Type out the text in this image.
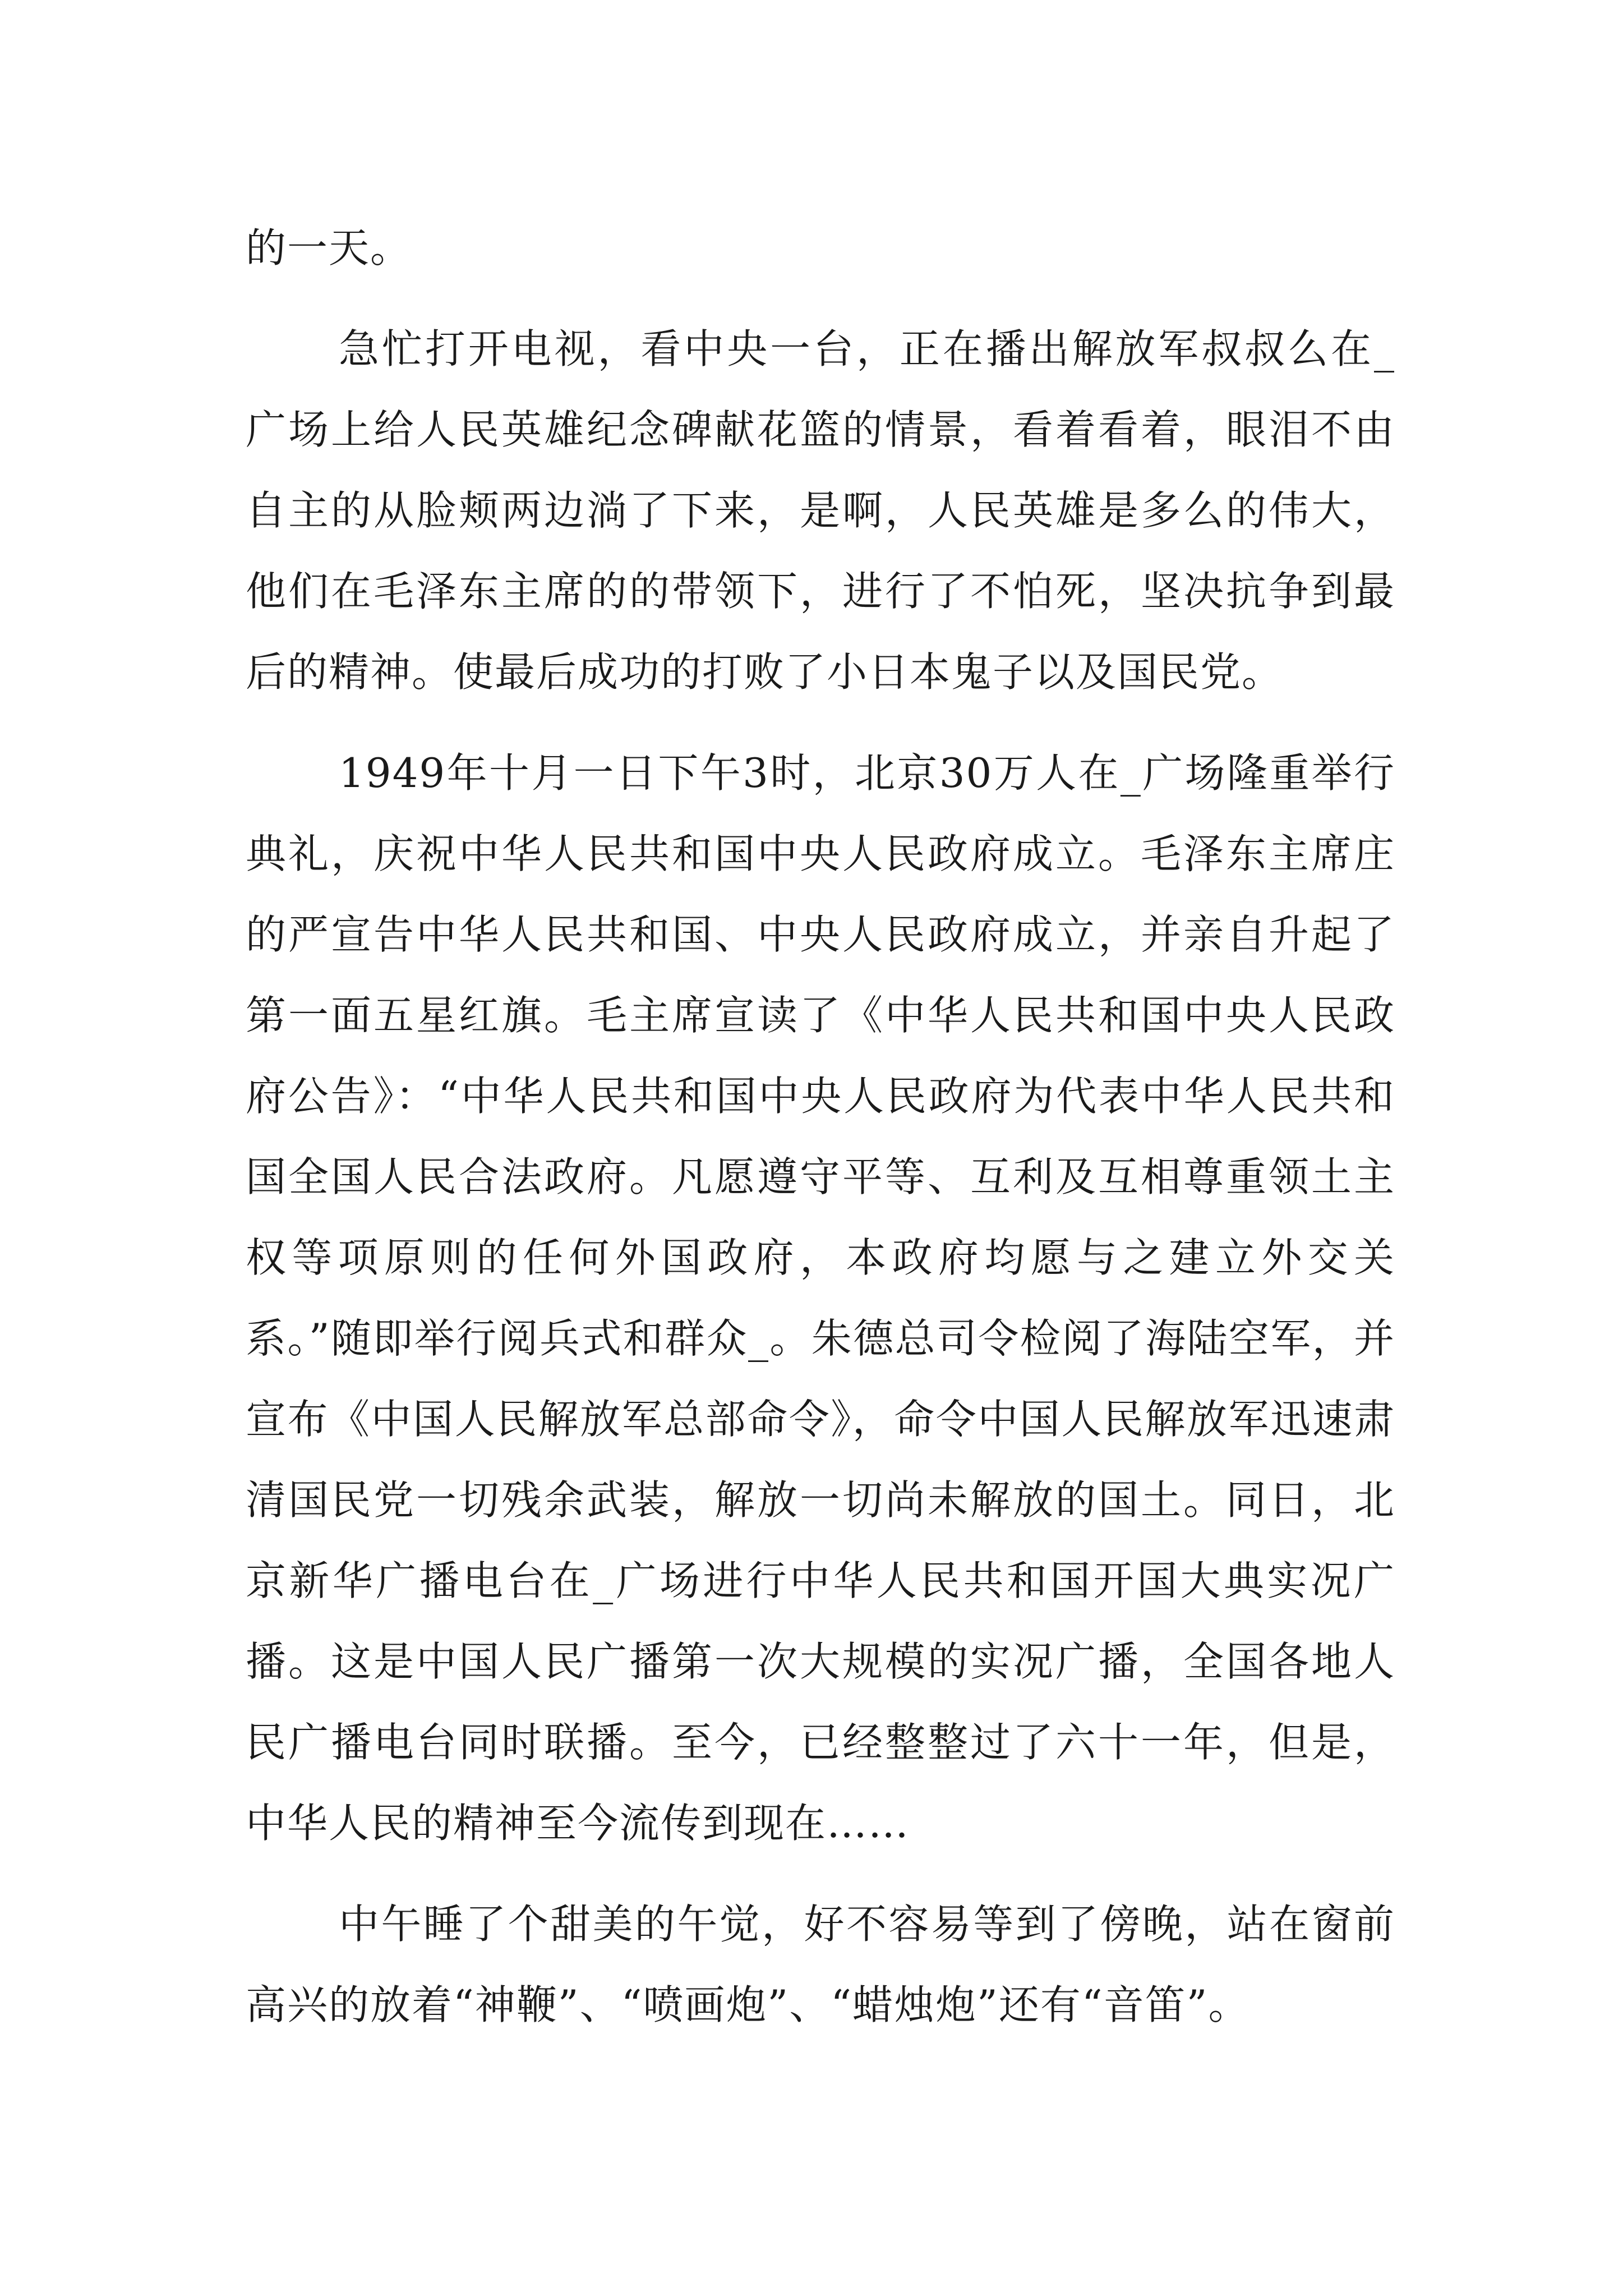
的一天。

急忙打开电视，看中央一台，正在播出解放军叔叔么在_广场上给人民英雄纪念碑献花篮的情景，看着看着，眼泪不由自主的从脸颊两边淌了下来，是啊，人民英雄是多么的伟大，他们在毛泽东主席的的带领下，进行了不怕死，坚决抗争到最后的精神。使最后成功的打败了小日本鬼子以及国民党。

1949年十月一日下午3时，北京30万人在_广场隆重举行典礼，庆祝中华人民共和国中央人民政府成立。毛泽东主席庄的严宣告中华人民共和国、中央人民政府成立，并亲自升起了第一面五星红旗。毛主席宣读了《中华人民共和国中央人民政府公告》：“中华人民共和国中央人民政府为代表中华人民共和国全国人民合法政府。凡愿遵守平等、互利及互相尊重领土主权等项原则的任何外国政府，本政府均愿与之建立外交关系。”随即举行阅兵式和群众_。朱德总司令检阅了海陆空军，并宣布《中国人民解放军总部命令》，命令中国人民解放军迅速肃清国民党一切残余武装，解放一切尚未解放的国土。同日，北京新华广播电台在_广场进行中华人民共和国开国大典实况广播。这是中国人民广播第一次大规模的实况广播，全国各地人民广播电台同时联播。至今，已经整整过了六十一年，但是，中华人民的精神至今流传到现在……

中午睡了个甜美的午觉，好不容易等到了傍晚，站在窗前高兴的放着“神鞭”、“喷画炮”、“蜡烛炮”还有“音笛”。
